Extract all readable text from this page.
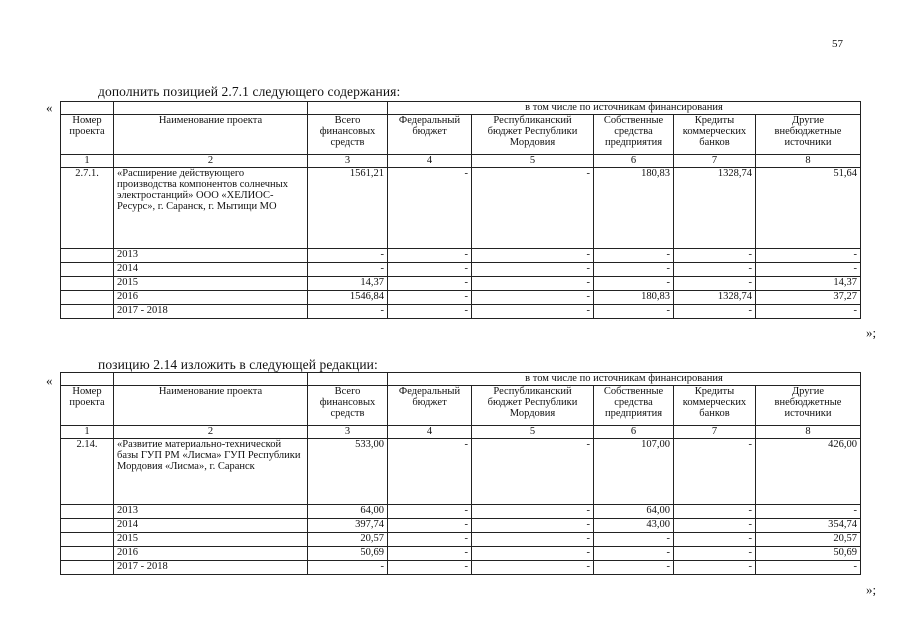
57
дополнить позицией 2.7.1 следующего содержания:
«
				в том числе по источникам финансирования				
Номер проекта	Наименование проекта	Всего финансовых средств	Федеральный бюджет	Республиканский бюджет Республики Мордовия	Собственные средства предприятия	Кредиты коммерческих банков	Другие внебюджетные источники
1	2	3	4	5	6	7	8
2.7.1.	«Расширение действующего производства компонентов солнечных электростанций» ООО «ХЕЛИОС-Ресурс», г. Саранск, г. Мытищи МО	1561,21	-	-	180,83	1328,74	51,64
	2013	-	-	-	-	-	-
	2014	-	-	-	-	-	-
	2015	14,37	-	-	-	-	14,37
	2016	1546,84	-	-	180,83	1328,74	37,27
	2017 - 2018	-	-	-	-	-	-
»;
позицию 2.14 изложить в следующей редакции:
«
				в том числе по источникам финансирования				
Номер проекта	Наименование проекта	Всего финансовых средств	Федеральный бюджет	Республиканский бюджет Республики Мордовия	Собственные средства предприятия	Кредиты коммерческих банков	Другие внебюджетные источники
1	2	3	4	5	6	7	8
2.14.	«Развитие материально-технической базы ГУП РМ «Лисма» ГУП Республики Мордовия «Лисма», г. Саранск	533,00	-	-	107,00	-	426,00
	2013	64,00	-	-	64,00	-	-
	2014	397,74	-	-	43,00	-	354,74
	2015	20,57	-	-	-	-	20,57
	2016	50,69	-	-	-	-	50,69
	2017 - 2018	-	-	-	-	-	-
»;
